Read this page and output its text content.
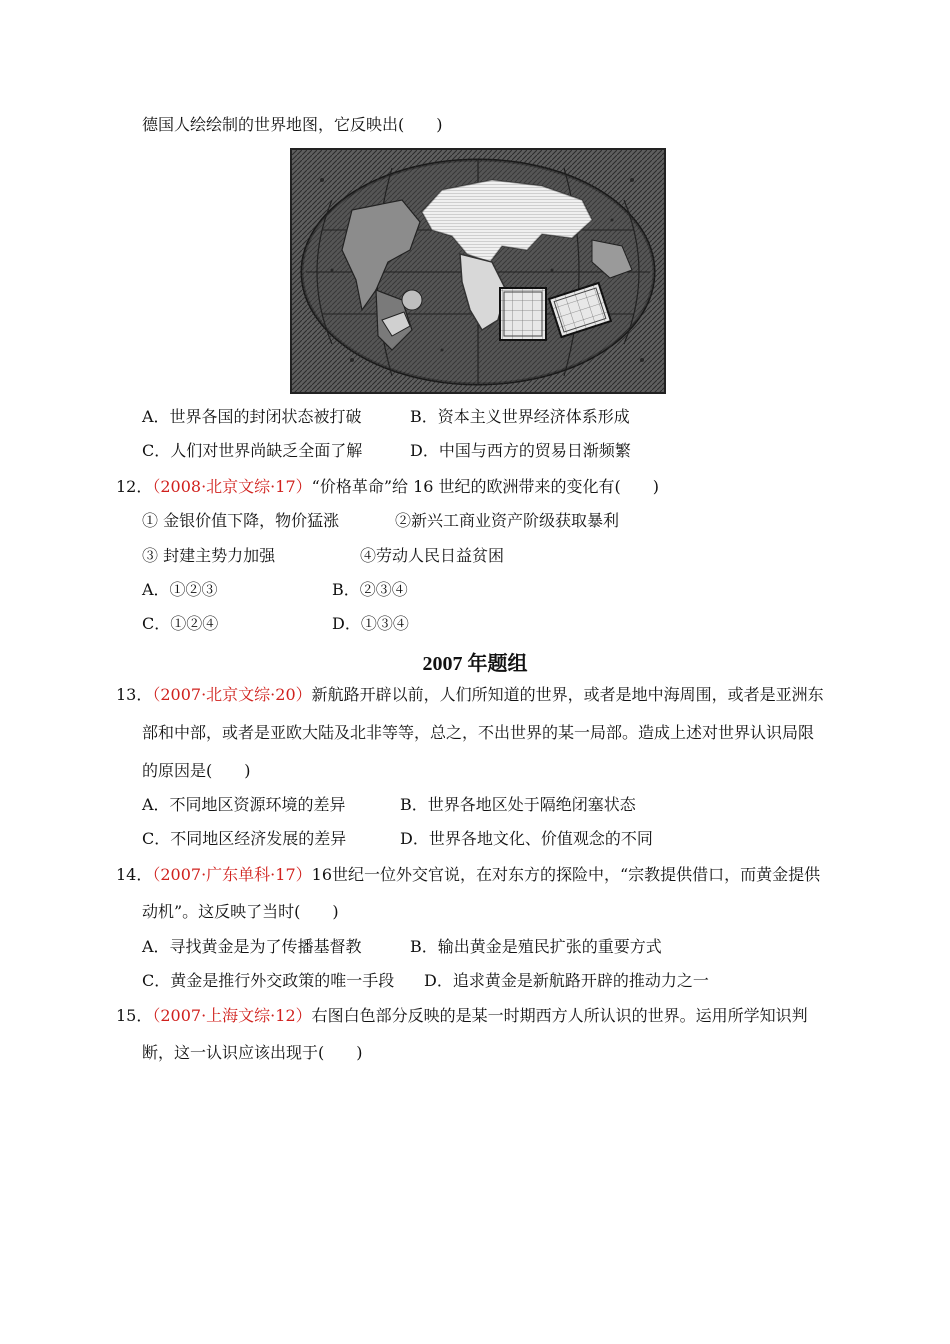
德国人绘绘制的世界地图，它反映出(　　)
A．世界各国的封闭状态被打破	B．资本主义世界经济体系形成
C．人们对世界尚缺乏全面了解	D．中国与西方的贸易日渐频繁
12．（2008·北京文综·17）“价格革命”给 16 世纪的欧洲带来的变化有(　　)
① 金银价值下降，物价猛涨	②新兴工商业资产阶级获取暴利
③ 封建主势力加强	④劳动人民日益贫困
A．①②③	B．②③④
C．①②④	D．①③④
2007 年题组
13．（2007·北京文综·20）新航路开辟以前，人们所知道的世界，或者是地中海周围，或者是亚洲东
部和中部，或者是亚欧大陆及北非等等，总之，不出世界的某一局部。造成上述对世界认识局限
的原因是(　　)
A．不同地区资源环境的差异	B．世界各地区处于隔绝闭塞状态
C．不同地区经济发展的差异	D．世界各地文化、价值观念的不同
14．（2007·广东单科·17）16世纪一位外交官说，在对东方的探险中，“宗教提供借口，而黄金提供
动机”。这反映了当时(　　)
A．寻找黄金是为了传播基督教	B．输出黄金是殖民扩张的重要方式
C．黄金是推行外交政策的唯一手段 D．追求黄金是新航路开辟的推动力之一
15．（2007·上海文综·12）右图白色部分反映的是某一时期西方人所认识的世界。运用所学知识判
断，这一认识应该出现于(　　)
